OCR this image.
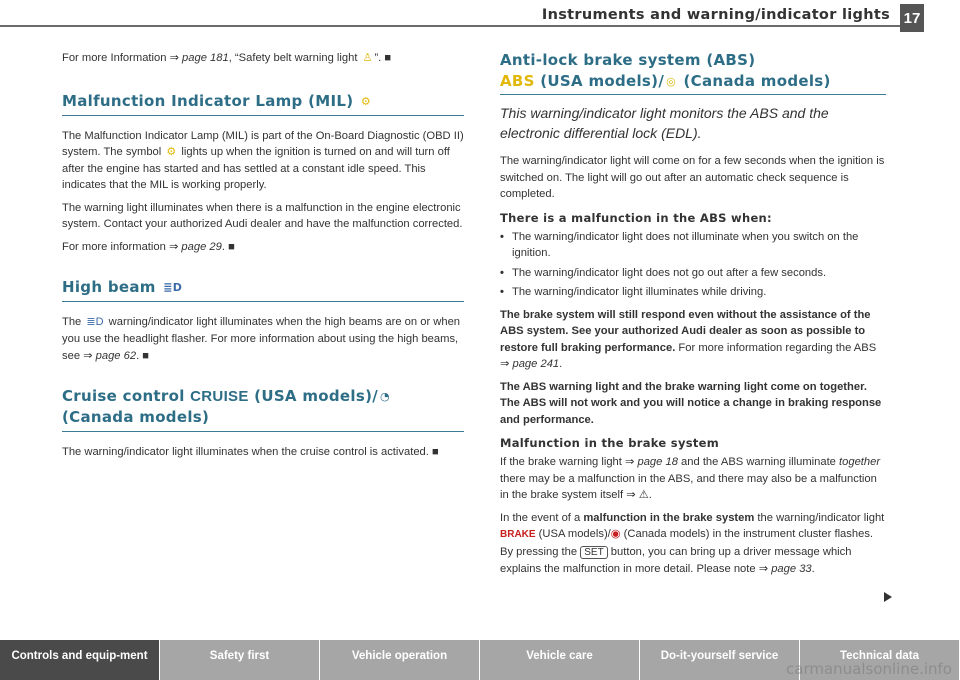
Instruments and warning/indicator lights 17

For more Information ⇒ page 181, “Safety belt warning light ♙ ”. ■

Malfunction Indicator Lamp (MIL) ⚙

The Malfunction Indicator Lamp (MIL) is part of the On-Board Diagnostic (OBD II) system. The symbol ⚙ lights up when the ignition is turned on and will turn off after the engine has started and has settled at a constant idle speed. This indicates that the MIL is working properly.

The warning light illuminates when there is a malfunction in the engine electronic system. Contact your authorized Audi dealer and have the malfunction corrected.

For more information ⇒ page 29. ■

High beam ≣D

The ≣D warning/indicator light illuminates when the high beams are on or when you use the headlight flasher. For more information about using the high beams, see ⇒ page 62. ■

Cruise control CRUISE (USA models)/ ◔
(Canada models)

The warning/indicator light illuminates when the cruise control is activated. ■

Anti-lock brake system (ABS)
ABS (USA models)/ ◎ (Canada models)

This warning/indicator light monitors the ABS and the electronic differential lock (EDL).

The warning/indicator light will come on for a few seconds when the ignition is switched on. The light will go out after an automatic check sequence is completed.

There is a malfunction in the ABS when:
• The warning/indicator light does not illuminate when you switch on the ignition.
• The warning/indicator light does not go out after a few seconds.
• The warning/indicator light illuminates while driving.

The brake system will still respond even without the assistance of the ABS system. See your authorized Audi dealer as soon as possible to restore full braking performance. For more information regarding the ABS ⇒ page 241.

The ABS warning light and the brake warning light come on together. The ABS will not work and you will notice a change in braking response and performance.

Malfunction in the brake system

If the brake warning light ⇒ page 18 and the ABS warning illuminate together there may be a malfunction in the ABS, and there may also be a malfunction in the brake system itself ⇒ ⚠.

In the event of a malfunction in the brake system the warning/indicator light BRAKE (USA models)/◉ (Canada models) in the instrument cluster flashes. By pressing the SET button, you can bring up a driver message which explains the malfunction in more detail. Please note ⇒ page 33.

Controls and equip-ment	Safety first	Vehicle operation	Vehicle care	Do-it-yourself service	Technical data
carmanualsonline.info
